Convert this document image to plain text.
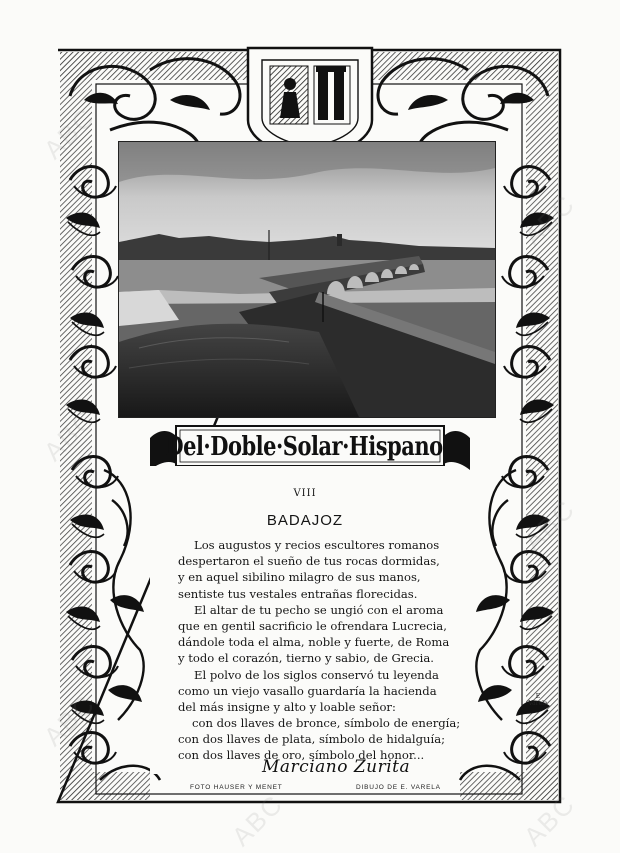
ABC	ABC
Del·Doble·Solar·Hispano
VIII
BADAJOZ
Los augustos y recios escultores romanos
despertaron el sueño de tus rocas dormidas,
y en aquel sibilino milagro de sus manos,
sentiste tus vestales entrañas florecidas.
El altar de tu pecho se ungió con el aroma
que en gentil sacrificio le ofrendara Lucrecia,
dándole toda el alma, noble y fuerte, de Roma
y todo el corazón, tierno y sabio, de Grecia.
El polvo de los siglos conservó tu leyenda
como un viejo vasallo guardaría la hacienda
del más insigne y alto y loable señor:
con dos llaves de bronce, símbolo de energía;
con dos llaves de plata, símbolo de hidalguía;
con dos llaves de oro, símbolo del honor...
Marciano Zurita
FOTO HAUSER Y MENET	DIBUJO DE E. VARELA
E
Varela
